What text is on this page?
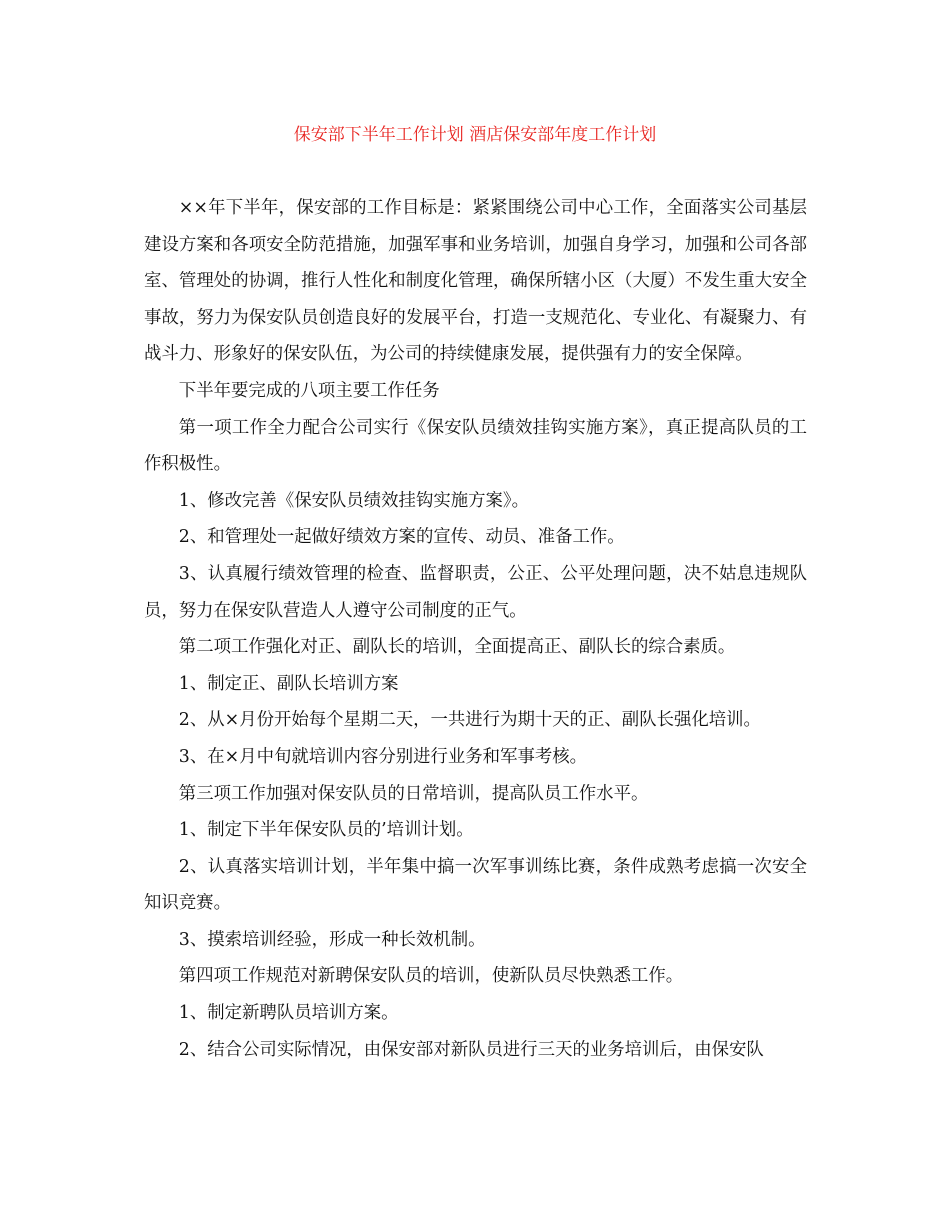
保安部下半年工作计划 酒店保安部年度工作计划

××年下半年，保安部的工作目标是：紧紧围绕公司中心工作，全面落实公司基层建设方案和各项安全防范措施，加强军事和业务培训，加强自身学习，加强和公司各部室、管理处的协调，推行人性化和制度化管理，确保所辖小区（大厦）不发生重大安全事故，努力为保安队员创造良好的发展平台，打造一支规范化、专业化、有凝聚力、有战斗力、形象好的保安队伍，为公司的持续健康发展，提供强有力的安全保障。

下半年要完成的八项主要工作任务

第一项工作全力配合公司实行《保安队员绩效挂钩实施方案》，真正提高队员的工作积极性。

1、修改完善《保安队员绩效挂钩实施方案》。

2、和管理处一起做好绩效方案的宣传、动员、准备工作。

3、认真履行绩效管理的检查、监督职责，公正、公平处理问题，决不姑息违规队员，努力在保安队营造人人遵守公司制度的正气。

第二项工作强化对正、副队长的培训，全面提高正、副队长的综合素质。

1、制定正、副队长培训方案

2、从×月份开始每个星期二天，一共进行为期十天的正、副队长强化培训。

3、在×月中旬就培训内容分别进行业务和军事考核。

第三项工作加强对保安队员的日常培训，提高队员工作水平。

1、制定下半年保安队员的’培训计划。

2、认真落实培训计划，半年集中搞一次军事训练比赛，条件成熟考虑搞一次安全知识竞赛。

3、摸索培训经验，形成一种长效机制。

第四项工作规范对新聘保安队员的培训，使新队员尽快熟悉工作。

1、制定新聘队员培训方案。

2、结合公司实际情况，由保安部对新队员进行三天的业务培训后，由保安队
